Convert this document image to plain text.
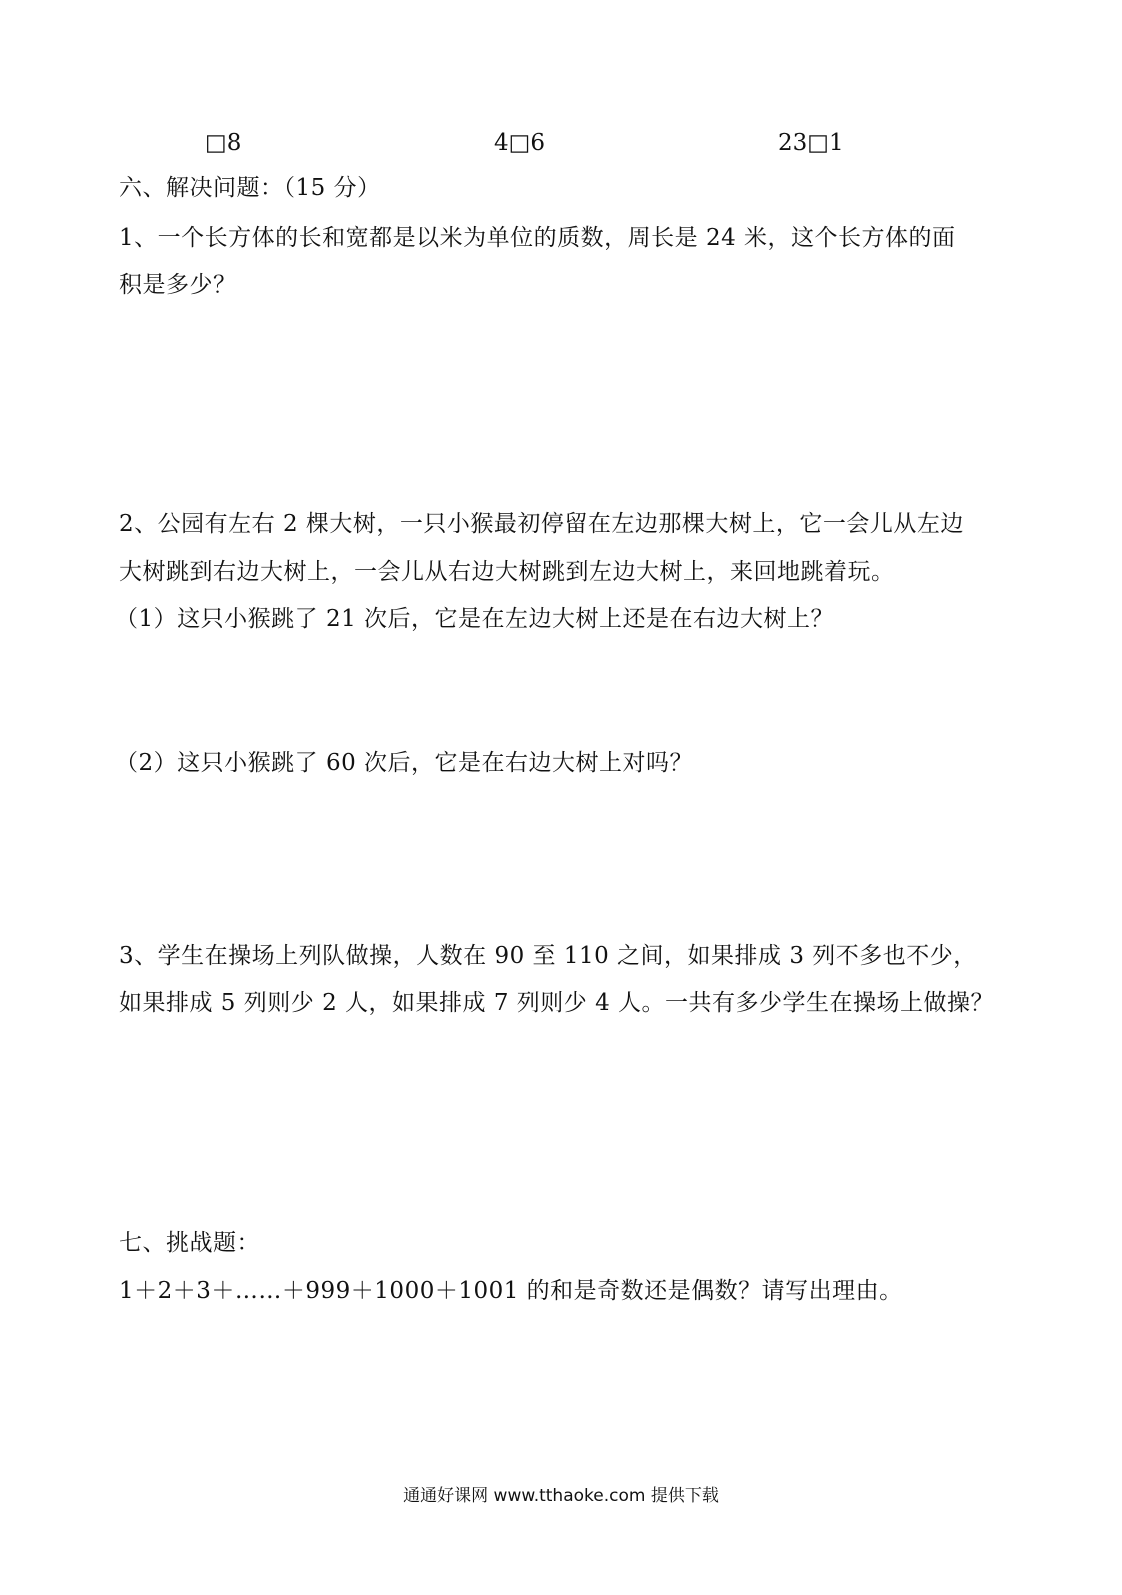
□8	4□6	23□1
六、解决问题：（15 分）
1、一个长方体的长和宽都是以米为单位的质数，周长是 24 米，这个长方体的面
积是多少？
2、公园有左右 2 棵大树，一只小猴最初停留在左边那棵大树上，它一会儿从左边
大树跳到右边大树上，一会儿从右边大树跳到左边大树上，来回地跳着玩。
（1）这只小猴跳了 21 次后，它是在左边大树上还是在右边大树上？
（2）这只小猴跳了 60 次后，它是在右边大树上对吗？
3、学生在操场上列队做操，人数在 90 至 110 之间，如果排成 3 列不多也不少，
如果排成 5 列则少 2 人，如果排成 7 列则少 4 人。一共有多少学生在操场上做操？
七、挑战题：
1＋2＋3＋……＋999＋1000＋1001 的和是奇数还是偶数？请写出理由。
通通好课网 www.tthaoke.com 提供下载
